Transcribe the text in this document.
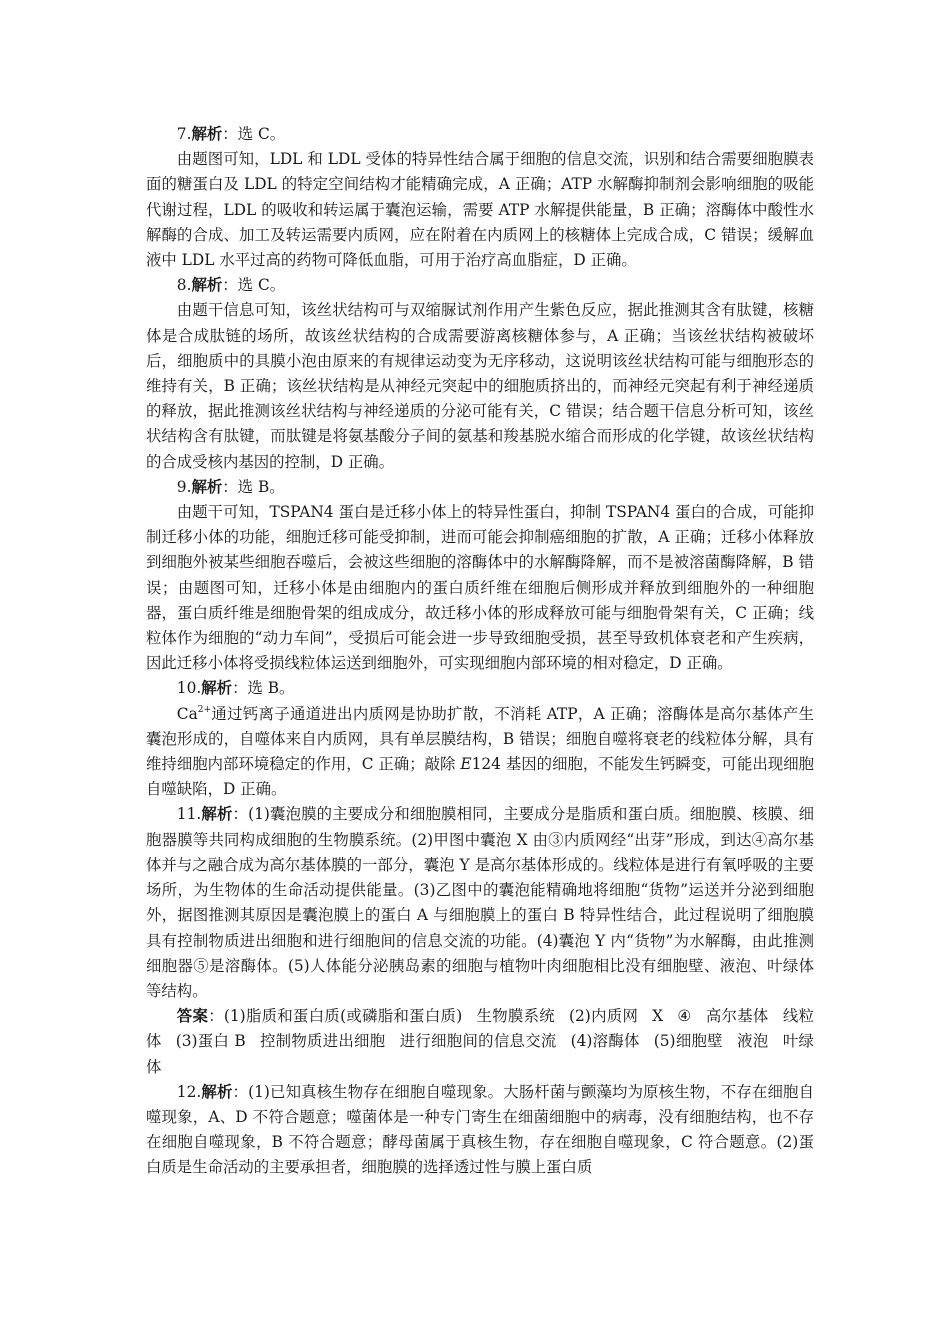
7.解析：选 C。

由题图可知，LDL 和 LDL 受体的特异性结合属于细胞的信息交流，识别和结合需要细胞膜表面的糖蛋白及 LDL 的特定空间结构才能精确完成，A 正确；ATP 水解酶抑制剂会影响细胞的吸能代谢过程，LDL 的吸收和转运属于囊泡运输，需要 ATP 水解提供能量，B 正确；溶酶体中酸性水解酶的合成、加工及转运需要内质网，应在附着在内质网上的核糖体上完成合成，C 错误；缓解血液中 LDL 水平过高的药物可降低血脂，可用于治疗高血脂症，D 正确。

8.解析：选 C。

由题干信息可知，该丝状结构可与双缩脲试剂作用产生紫色反应，据此推测其含有肽键，核糖体是合成肽链的场所，故该丝状结构的合成需要游离核糖体参与，A 正确；当该丝状结构被破坏后，细胞质中的具膜小泡由原来的有规律运动变为无序移动，这说明该丝状结构可能与细胞形态的维持有关，B 正确；该丝状结构是从神经元突起中的细胞质挤出的，而神经元突起有利于神经递质的释放，据此推测该丝状结构与神经递质的分泌可能有关，C 错误；结合题干信息分析可知，该丝状结构含有肽键，而肽键是将氨基酸分子间的氨基和羧基脱水缩合而形成的化学键，故该丝状结构的合成受核内基因的控制，D 正确。

9.解析：选 B。

由题干可知，TSPAN4 蛋白是迁移小体上的特异性蛋白，抑制 TSPAN4 蛋白的合成，可能抑制迁移小体的功能，细胞迁移可能受抑制，进而可能会抑制癌细胞的扩散，A 正确；迁移小体释放到细胞外被某些细胞吞噬后，会被这些细胞的溶酶体中的水解酶降解，而不是被溶菌酶降解，B 错误；由题图可知，迁移小体是由细胞内的蛋白质纤维在细胞后侧形成并释放到细胞外的一种细胞器，蛋白质纤维是细胞骨架的组成成分，故迁移小体的形成释放可能与细胞骨架有关，C 正确；线粒体作为细胞的“动力车间”，受损后可能会进一步导致细胞受损，甚至导致机体衰老和产生疾病，因此迁移小体将受损线粒体运送到细胞外，可实现细胞内部环境的相对稳定，D 正确。

10.解析：选 B。

$Ca^{2+}$通过钙离子通道进出内质网是协助扩散，不消耗 ATP，A 正确；溶酶体是高尔基体产生囊泡形成的，自噬体来自内质网，具有单层膜结构，B 错误；细胞自噬将衰老的线粒体分解，具有维持细胞内部环境稳定的作用，C 正确；敲除 E124 基因的细胞，不能发生钙瞬变，可能出现细胞自噬缺陷，D 正确。

11.解析：(1)囊泡膜的主要成分和细胞膜相同，主要成分是脂质和蛋白质。细胞膜、核膜、细胞器膜等共同构成细胞的生物膜系统。(2)甲图中囊泡 X 由③内质网经“出芽”形成，到达④高尔基体并与之融合成为高尔基体膜的一部分，囊泡 Y 是高尔基体形成的。线粒体是进行有氧呼吸的主要场所，为生物体的生命活动提供能量。(3)乙图中的囊泡能精确地将细胞“货物”运送并分泌到细胞外，据图推测其原因是囊泡膜上的蛋白 A 与细胞膜上的蛋白 B 特异性结合，此过程说明了细胞膜具有控制物质进出细胞和进行细胞间的信息交流的功能。(4)囊泡 Y 内“货物”为水解酶，由此推测细胞器⑤是溶酶体。(5)人体能分泌胰岛素的细胞与植物叶肉细胞相比没有细胞壁、液泡、叶绿体等结构。

答案：(1)脂质和蛋白质(或磷脂和蛋白质) 生物膜系统 (2)内质网 X ④ 高尔基体 线粒体 (3)蛋白 B 控制物质进出细胞 进行细胞间的信息交流 (4)溶酶体 (5)细胞壁 液泡 叶绿体

12.解析：(1)已知真核生物存在细胞自噬现象。大肠杆菌与颤藻均为原核生物，不存在细胞自噬现象，A、D 不符合题意；噬菌体是一种专门寄生在细菌细胞中的病毒，没有细胞结构，也不存在细胞自噬现象，B 不符合题意；酵母菌属于真核生物，存在细胞自噬现象，C 符合题意。(2)蛋白质是生命活动的主要承担者，细胞膜的选择透过性与膜上蛋白质
